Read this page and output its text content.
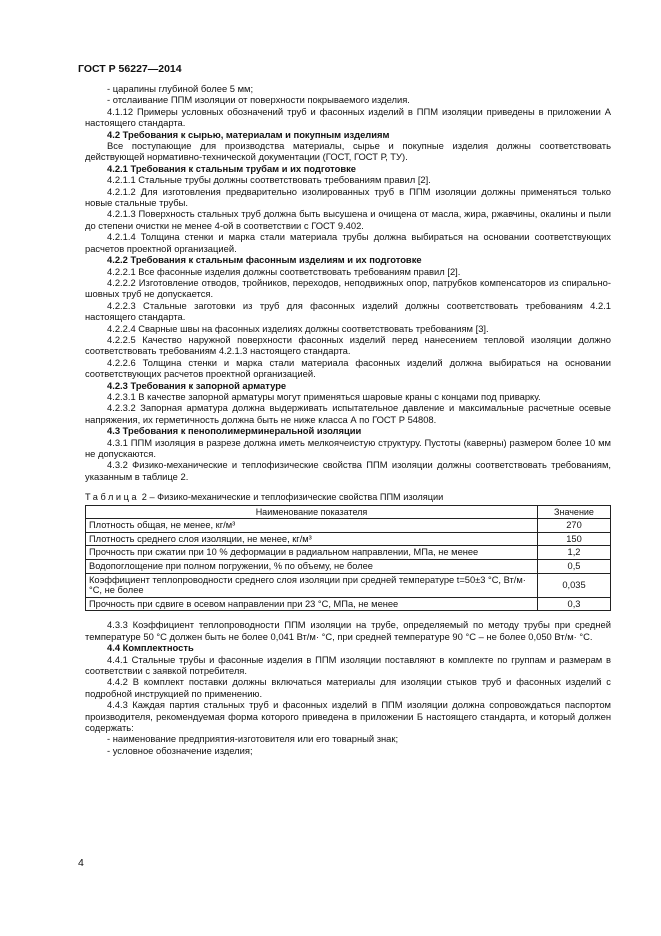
ГОСТ Р 56227—2014

- царапины глубиной более 5 мм;

- отслаивание ППМ изоляции от поверхности покрываемого изделия.

4.1.12 Примеры условных обозначений труб и фасонных изделий в ППМ изоляции приведены в приложении А настоящего стандарта.

4.2 Требования к сырью, материалам и покупным изделиям

Все поступающие для производства материалы, сырье и покупные изделия должны соответствовать действующей нормативно-технической документации (ГОСТ, ГОСТ Р, ТУ).

4.2.1 Требования к стальным трубам и их подготовке

4.2.1.1 Стальные трубы должны соответствовать требованиям правил [2].

4.2.1.2 Для изготовления предварительно изолированных труб в ППМ изоляции должны применяться только новые стальные трубы.

4.2.1.3 Поверхность стальных труб должна быть высушена и очищена от масла, жира, ржавчины, окалины и пыли до степени очистки не менее 4-ой в соответствии с ГОСТ 9.402.

4.2.1.4 Толщина стенки и марка стали материала трубы должна выбираться на основании соответствующих расчетов проектной организацией.

4.2.2 Требования к стальным фасонным изделиям и их подготовке

4.2.2.1 Все фасонные изделия должны соответствовать требованиям правил [2].

4.2.2.2 Изготовление отводов, тройников, переходов, неподвижных опор, патрубков компенсаторов из спирально-шовных труб не допускается.

4.2.2.3 Стальные заготовки из труб для фасонных изделий должны соответствовать требованиям 4.2.1 настоящего стандарта.

4.2.2.4 Сварные швы на фасонных изделиях должны соответствовать требованиям [3].

4.2.2.5 Качество наружной поверхности фасонных изделий перед нанесением тепловой изоляции должно соответствовать требованиям 4.2.1.3 настоящего стандарта.

4.2.2.6 Толщина стенки и марка стали материала фасонных изделий должна выбираться на основании соответствующих расчетов проектной организацией.

4.2.3 Требования к запорной арматуре

4.2.3.1 В качестве запорной арматуры могут применяться шаровые краны с концами под приварку.

4.2.3.2 Запорная арматура должна выдерживать испытательное давление и максимальные расчетные осевые напряжения, их герметичность должна быть не ниже класса А по ГОСТ Р 54808.

4.3 Требования к пенополимерминеральной изоляции

4.3.1 ППМ изоляция в разрезе должна иметь мелкоячеистую структуру. Пустоты (каверны) размером более 10 мм не допускаются.

4.3.2 Физико-механические и теплофизические свойства ППМ изоляции должны соответствовать требованиям, указанным в таблице 2.

Таблица 2 – Физико-механические и теплофизические свойства ППМ изоляции

Наименование показателя	Значение
Плотность общая, не менее, кг/м³	270
Плотность среднего слоя изоляции, не менее, кг/м³	150
Прочность при сжатии при 10 % деформации в радиальном направлении, МПа, не менее	1,2
Водопоглощение при полном погружении, % по объему, не более	0,5
Коэффициент теплопроводности среднего слоя изоляции при средней температуре t=50±3 °С, Вт/м· °С, не более	0,035
Прочность при сдвиге в осевом направлении при 23 °С, МПа, не менее	0,3

4.3.3 Коэффициент теплопроводности ППМ изоляции на трубе, определяемый по методу трубы при средней температуре 50 °С должен быть не более 0,041 Вт/м· °С, при средней температуре 90 °С – не более 0,050 Вт/м· °С.

4.4 Комплектность

4.4.1 Стальные трубы и фасонные изделия в ППМ изоляции поставляют в комплекте по группам и размерам в соответствии с заявкой потребителя.

4.4.2 В комплект поставки должны включаться материалы для изоляции стыков труб и фасонных изделий с подробной инструкцией по применению.

4.4.3 Каждая партия стальных труб и фасонных изделий в ППМ изоляции должна сопровождаться паспортом производителя, рекомендуемая форма которого приведена в приложении Б настоящего стандарта, и который должен содержать:

- наименование предприятия-изготовителя или его товарный знак;

- условное обозначение изделия;

4
